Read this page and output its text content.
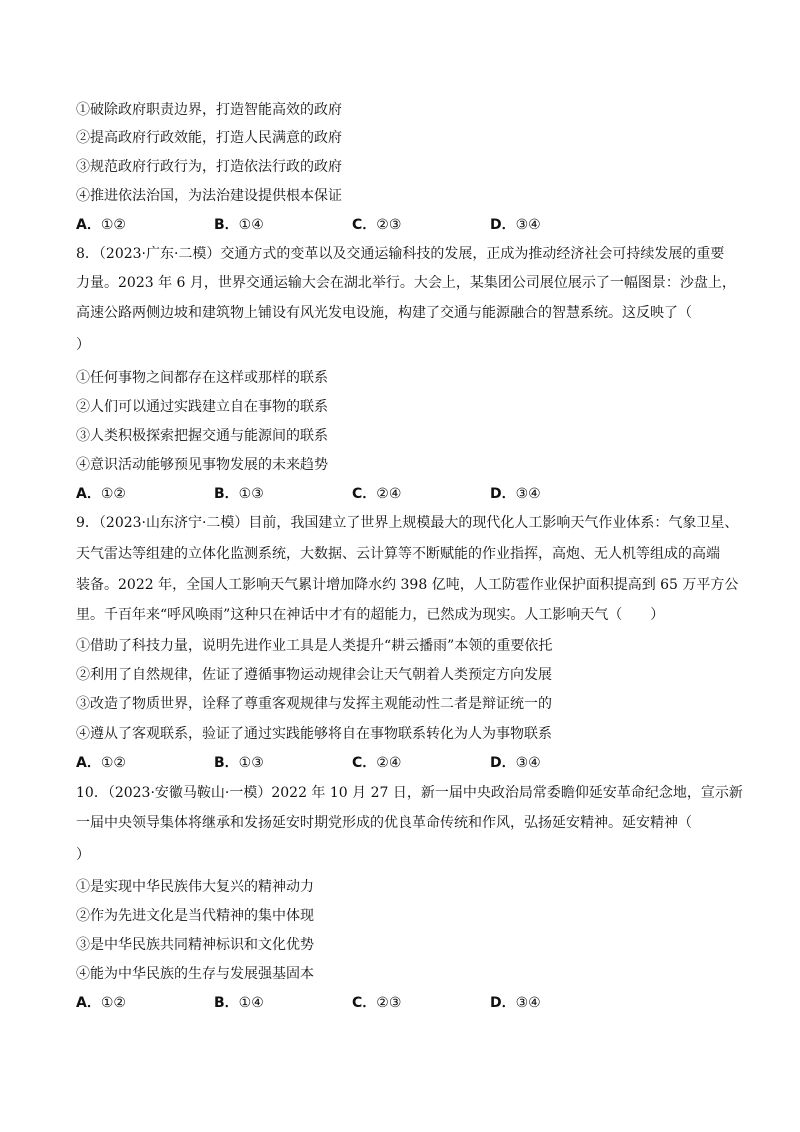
①破除政府职责边界，打造智能高效的政府
②提高政府行政效能，打造人民满意的政府
③规范政府行政行为，打造依法行政的政府
④推进依法治国，为法治建设提供根本保证
A．①②	B．①④	C．②③	D．③④
8．（2023·广东·二模）交通方式的变革以及交通运输科技的发展，正成为推动经济社会可持续发展的重要
力量。2023 年 6 月，世界交通运输大会在湖北举行。大会上，某集团公司展位展示了一幅图景：沙盘上，
高速公路两侧边坡和建筑物上铺设有风光发电设施，构建了交通与能源融合的智慧系统。这反映了（
）
①任何事物之间都存在这样或那样的联系
②人们可以通过实践建立自在事物的联系
③人类积极探索把握交通与能源间的联系
④意识活动能够预见事物发展的未来趋势
A．①②	B．①③	C．②④	D．③④
9．（2023·山东济宁·二模）目前，我国建立了世界上规模最大的现代化人工影响天气作业体系：气象卫星、
天气雷达等组建的立体化监测系统，大数据、云计算等不断赋能的作业指挥，高炮、无人机等组成的高端
装备。2022 年，全国人工影响天气累计增加降水约 398 亿吨，人工防雹作业保护面积提高到 65 万平方公
里。千百年来“呼风唤雨”这种只在神话中才有的超能力，已然成为现实。人工影响天气（　　）
①借助了科技力量，说明先进作业工具是人类提升“耕云播雨”本领的重要依托
②利用了自然规律，佐证了遵循事物运动规律会让天气朝着人类预定方向发展
③改造了物质世界，诠释了尊重客观规律与发挥主观能动性二者是辩证统一的
④遵从了客观联系，验证了通过实践能够将自在事物联系转化为人为事物联系
A．①②	B．①③	C．②④	D．③④
10．（2023·安徽马鞍山·一模）2022 年 10 月 27 日，新一届中央政治局常委瞻仰延安革命纪念地，宣示新
一届中央领导集体将继承和发扬延安时期党形成的优良革命传统和作风，弘扬延安精神。延安精神（
）
①是实现中华民族伟大复兴的精神动力
②作为先进文化是当代精神的集中体现
③是中华民族共同精神标识和文化优势
④能为中华民族的生存与发展强基固本
A．①②	B．①④	C．②③	D．③④
